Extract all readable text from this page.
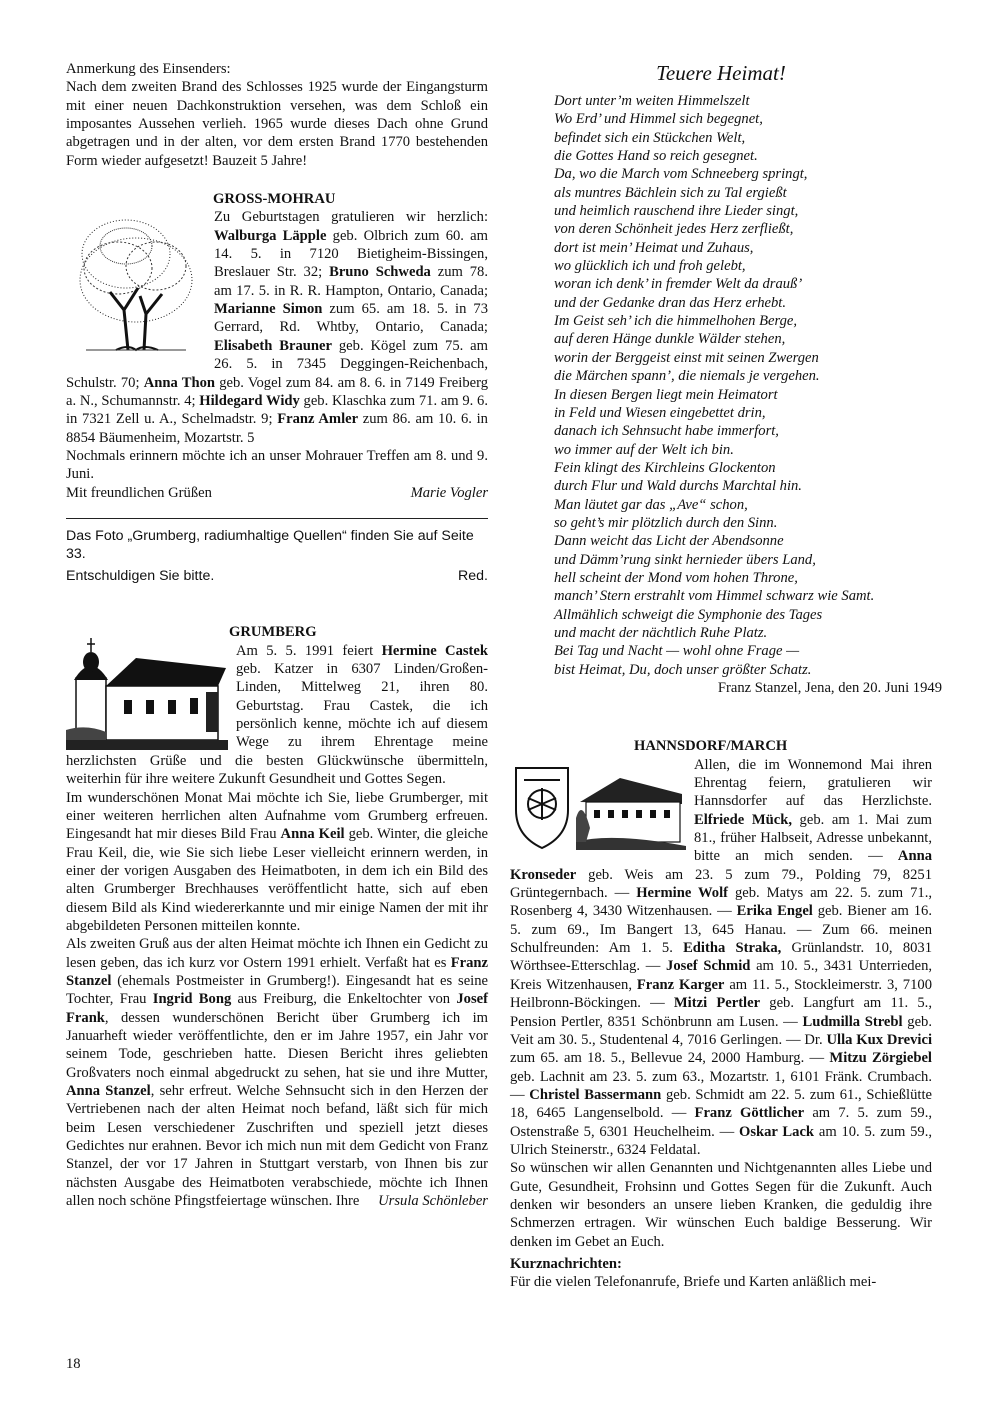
Anmerkung des Einsenders:

Nach dem zweiten Brand des Schlosses 1925 wurde der Eingangsturm mit einer neuen Dachkonstruktion versehen, was dem Schloß ein imposantes Aussehen verlieh. 1965 wurde dieses Dach ohne Grund abgetragen und in der alten, vor dem ersten Brand 1770 bestehenden Form wieder aufgesetzt! Bauzeit 5 Jahre!

GROSS-MOHRAU

Zu Geburtstagen gratulieren wir herzlich: Walburga Läpple geb. Olbrich zum 60. am 14. 5. in 7120 Bietigheim-Bissingen, Breslauer Str. 32; Bruno Schweda zum 78. am 17. 5. in R. R. Hampton, Ontario, Canada; Marianne Simon zum 65. am 18. 5. in 73 Gerrard, Rd. Whtby, Ontario, Canada; Elisabeth Brauner geb. Kögel zum 75. am 26. 5. in 7345 Deggingen-Reichenbach, Schulstr. 70; Anna Thon geb. Vogel zum 84. am 8. 6. in 7149 Freiberg a. N., Schumannstr. 4; Hildegard Widy geb. Klaschka zum 71. am 9. 6. in 7321 Zell u. A., Schelmadstr. 9; Franz Amler zum 86. am 10. 6. in 8854 Bäumenheim, Mozartstr. 5

Nochmals erinnern möchte ich an unser Mohrauer Treffen am 8. und 9. Juni.

Mit freundlichen Grüßen	Marie Vogler

Das Foto „Grumberg, radiumhaltige Quellen“ finden Sie auf Seite 33.

Entschuldigen Sie bitte.	Red.

GRUMBERG

Am 5. 5. 1991 feiert Hermine Castek geb. Katzer in 6307 Linden/Großen-Linden, Mittelweg 21, ihren 80. Geburtstag. Frau Castek, die ich persönlich kenne, möchte ich auf diesem Wege zu ihrem Ehrentage meine herzlichsten Grüße und die besten Glückwünsche übermitteln, weiterhin für ihre weitere Zukunft Gesundheit und Gottes Segen.

Im wunderschönen Monat Mai möchte ich Sie, liebe Grumberger, mit einer weiteren herrlichen alten Aufnahme vom Grumberg erfreuen. Eingesandt hat mir dieses Bild Frau Anna Keil geb. Winter, die gleiche Frau Keil, die, wie Sie sich liebe Leser vielleicht erinnern werden, in einer der vorigen Ausgaben des Heimatboten, in dem ich ein Bild des alten Grumberger Brechhauses veröffentlicht hatte, sich auf eben diesem Bild als Kind wiedererkannte und mir einige Namen der mit ihr abgebildeten Personen mitteilen konnte.

Als zweiten Gruß aus der alten Heimat möchte ich Ihnen ein Gedicht zu lesen geben, das ich kurz vor Ostern 1991 erhielt. Verfaßt hat es Franz Stanzel (ehemals Postmeister in Grumberg!). Eingesandt hat es seine Tochter, Frau Ingrid Bong aus Freiburg, die Enkeltochter von Josef Frank, dessen wunderschönen Bericht über Grumberg ich im Januarheft wieder veröffentlichte, den er im Jahre 1957, ein Jahr vor seinem Tode, geschrieben hatte. Diesen Bericht ihres geliebten Großvaters noch einmal abgedruckt zu sehen, hat sie und ihre Mutter, Anna Stanzel, sehr erfreut. Welche Sehnsucht sich in den Herzen der Vertriebenen nach der alten Heimat noch befand, läßt sich für mich beim Lesen verschiedener Zuschriften und speziell jetzt dieses Gedichtes nur erahnen. Bevor ich mich nun mit dem Gedicht von Franz Stanzel, der vor 17 Jahren in Stuttgart verstarb, von Ihnen bis zur nächsten Ausgabe des Heimatboten verabschiede, möchte ich Ihnen allen noch schöne Pfingstfeiertage wünschen. Ihre	Ursula Schönleber
Teuere Heimat!
Dort unter’m weiten Himmelszelt
Wo Erd’ und Himmel sich begegnet,
befindet sich ein Stückchen Welt,
die Gottes Hand so reich gesegnet.
Da, wo die March vom Schneeberg springt,
als muntres Bächlein sich zu Tal ergießt
und heimlich rauschend ihre Lieder singt,
von deren Schönheit jedes Herz zerfließt,
dort ist mein’ Heimat und Zuhaus,
wo glücklich ich und froh gelebt,
woran ich denk’ in fremder Welt da drauß’
und der Gedanke dran das Herz erhebt.
Im Geist seh’ ich die himmelhohen Berge,
auf deren Hänge dunkle Wälder stehen,
worin der Berggeist einst mit seinen Zwergen
die Märchen spann’, die niemals je vergehen.
In diesen Bergen liegt mein Heimatort
in Feld und Wiesen eingebettet drin,
danach ich Sehnsucht habe immerfort,
wo immer auf der Welt ich bin.
Fein klingt des Kirchleins Glockenton
durch Flur und Wald durchs Marchtal hin.
Man läutet gar das „Ave“ schon,
so geht’s mir plötzlich durch den Sinn.
Dann weicht das Licht der Abendsonne
und Dämm’rung sinkt hernieder übers Land,
hell scheint der Mond vom hohen Throne,
manch’ Stern erstrahlt vom Himmel schwarz wie Samt.
Allmählich schweigt die Symphonie des Tages
und macht der nächtlich Ruhe Platz.
Bei Tag und Nacht — wohl ohne Frage —
bist Heimat, Du, doch unser größter Schatz.
Franz Stanzel, Jena, den 20. Juni 1949

HANNSDORF/MARCH

Allen, die im Wonnemond Mai ihren Ehrentag feiern, gratulieren wir Hannsdorfer auf das Herzlichste. Elfriede Mück, geb. am 1. Mai zum 81., früher Halbseit, Adresse unbekannt, bitte an mich senden. — Anna Kronseder geb. Weis am 23. 5 zum 79., Polding 79, 8251 Grüntegernbach. — Hermine Wolf geb. Matys am 22. 5. zum 71., Rosenberg 4, 3430 Witzenhausen. — Erika Engel geb. Biener am 16. 5. zum 69., Im Bangert 13, 645 Hanau. — Zum 66. meinen Schulfreunden: Am 1. 5. Editha Straka, Grünlandstr. 10, 8031 Wörthsee-Etterschlag. — Josef Schmid am 10. 5., 3431 Unterrieden, Kreis Witzenhausen, Franz Karger am 11. 5., Stockleimerstr. 3, 7100 Heilbronn-Böckingen. — Mitzi Pertler geb. Langfurt am 11. 5., Pension Pertler, 8351 Schönbrunn am Lusen. — Ludmilla Strebl geb. Veit am 30. 5., Studentenal 4, 7016 Gerlingen. — Dr. Ulla Kux Drevici zum 65. am 18. 5., Bellevue 24, 2000 Hamburg. — Mitzu Zörgiebel geb. Lachnit am 23. 5. zum 63., Mozartstr. 1, 6101 Fränk. Crumbach. — Christel Bassermann geb. Schmidt am 22. 5. zum 61., Schießlütte 18, 6465 Langenselbold. — Franz Göttlicher am 7. 5. zum 59., Ostenstraße 5, 6301 Heuchelheim. — Oskar Lack am 10. 5. zum 59., Ulrich Steinerstr., 6324 Feldatal.

So wünschen wir allen Genannten und Nichtgenannten alles Liebe und Gute, Gesundheit, Frohsinn und Gottes Segen für die Zukunft. Auch denken wir besonders an unsere lieben Kranken, die geduldig ihre Schmerzen ertragen. Wir wünschen Euch baldige Besserung. Wir denken im Gebet an Euch.

Kurznachrichten:

Für die vielen Telefonanrufe, Briefe und Karten anläßlich mei-

18
